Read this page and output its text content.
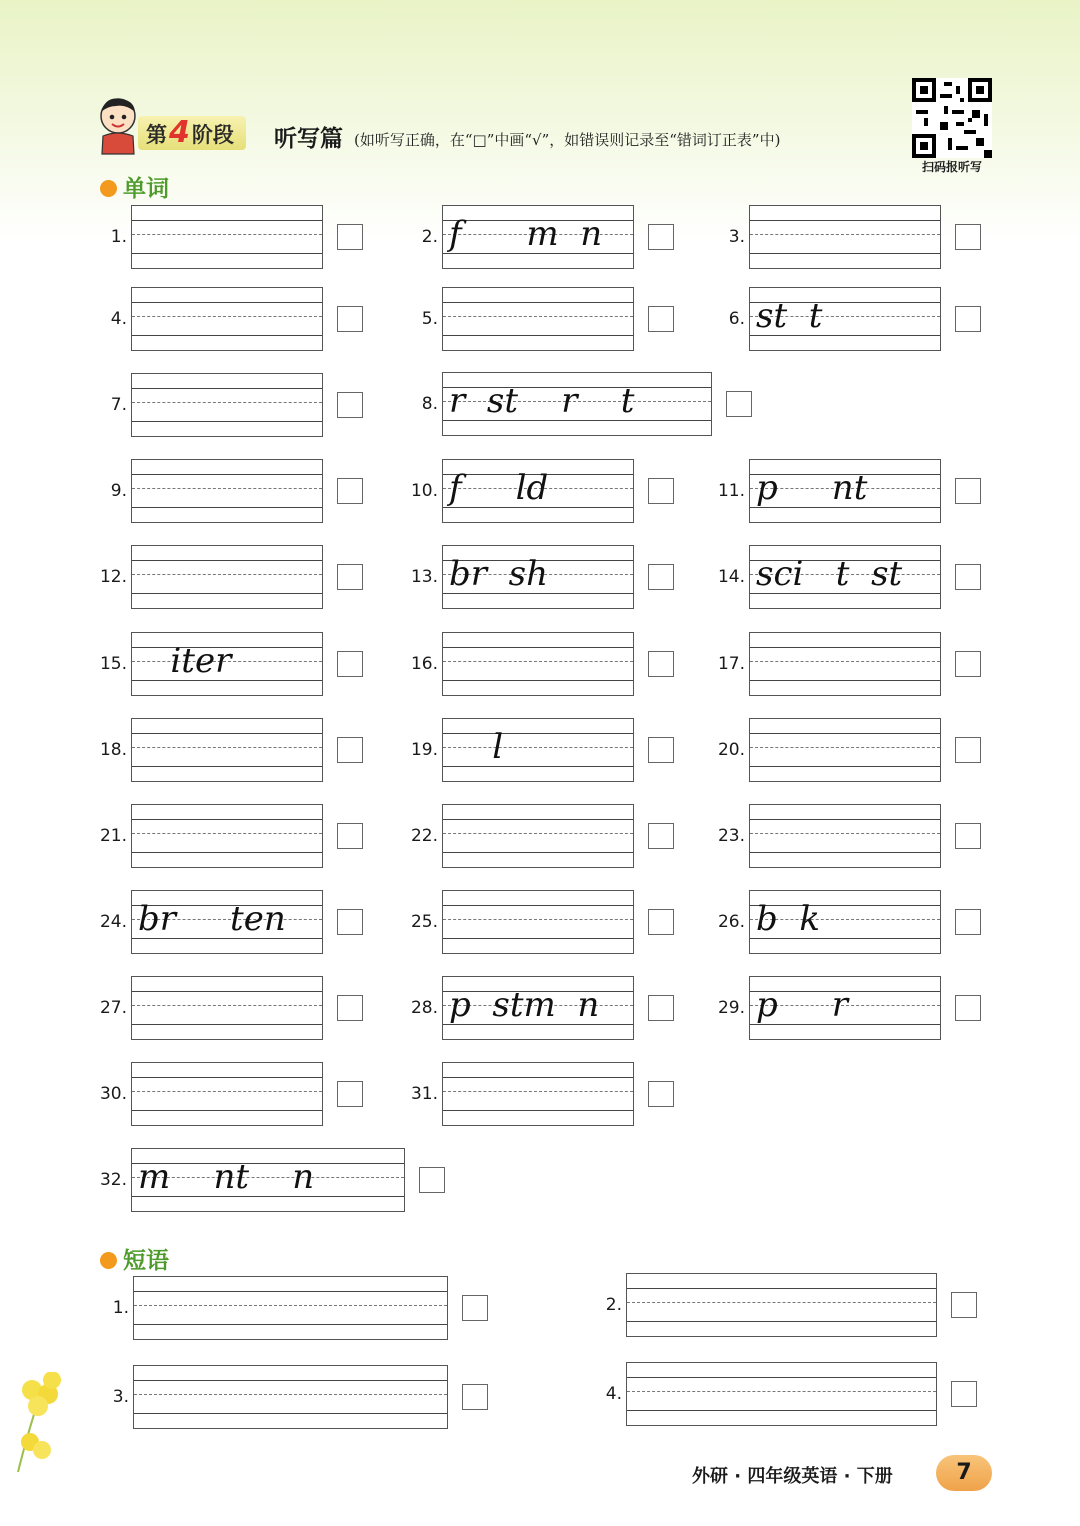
第4阶段	听写篇 (如听写正确，在“□”中画“√”，如错误则记录至“错词订正表”中)
扫码报听写
单词
1.	2. f      m  n	3.
4.	5.	6. st  t
7.	8. r  st    r    t
9.	10. f     ld	11. p     nt
12.	13. br  sh	14. sci   t  st
15. iter	16.	17.
18.	19. l	20.
21.	22.	23.
24. br     ten	25.	26. b  k
27.	28. p  stm  n	29. p     r
30.	31.
32. m    nt    n
短语
1.	2.
3.	4.
外研 · 四年级英语 · 下册	7
